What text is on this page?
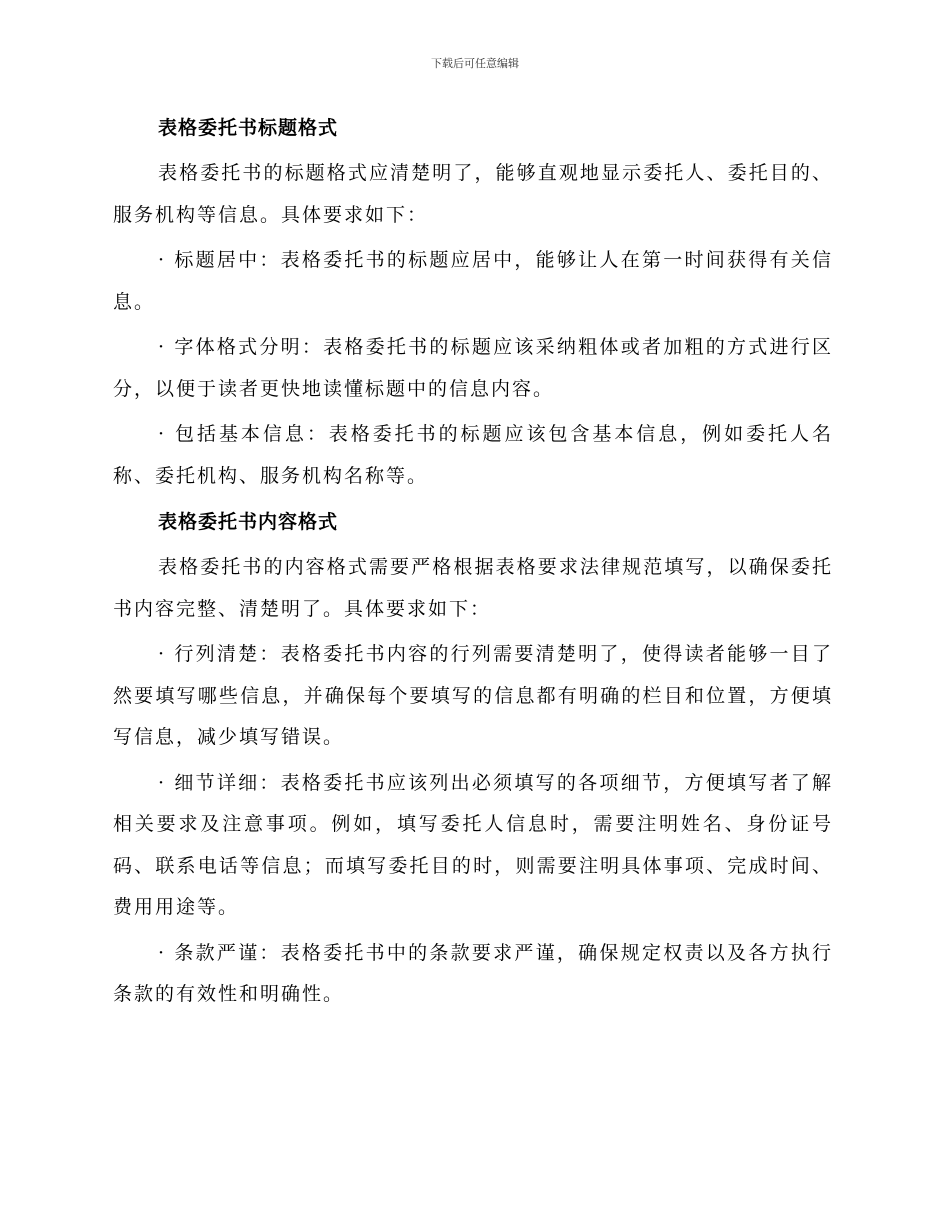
下载后可任意编辑
表格委托书标题格式

表格委托书的标题格式应清楚明了，能够直观地显示委托人、委托目的、服务机构等信息。具体要求如下：

· 标题居中：表格委托书的标题应居中，能够让人在第一时间获得有关信息。

· 字体格式分明：表格委托书的标题应该采纳粗体或者加粗的方式进行区分，以便于读者更快地读懂标题中的信息内容。

· 包括基本信息：表格委托书的标题应该包含基本信息，例如委托人名称、委托机构、服务机构名称等。

表格委托书内容格式

表格委托书的内容格式需要严格根据表格要求法律规范填写，以确保委托书内容完整、清楚明了。具体要求如下：

· 行列清楚：表格委托书内容的行列需要清楚明了，使得读者能够一目了然要填写哪些信息，并确保每个要填写的信息都有明确的栏目和位置，方便填写信息，减少填写错误。

· 细节详细：表格委托书应该列出必须填写的各项细节，方便填写者了解相关要求及注意事项。例如，填写委托人信息时，需要注明姓名、身份证号码、联系电话等信息；而填写委托目的时，则需要注明具体事项、完成时间、费用用途等。

· 条款严谨：表格委托书中的条款要求严谨，确保规定权责以及各方执行条款的有效性和明确性。
